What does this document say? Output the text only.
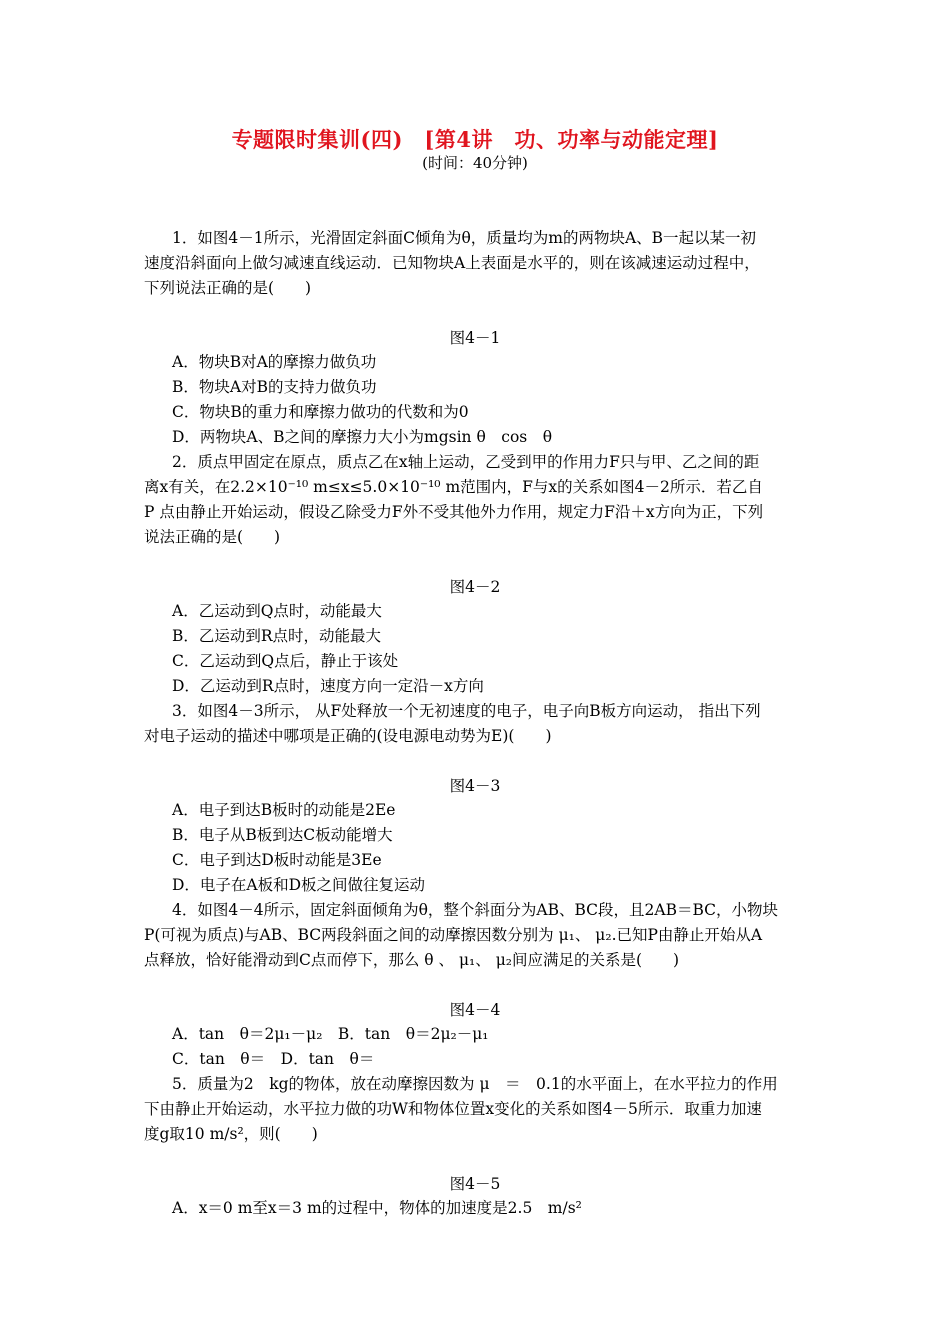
专题限时集训(四)　[第4讲　功、功率与动能定理]
(时间：40分钟)
1．如图4－1所示，光滑固定斜面C倾角为θ，质量均为m的两物块A、B一起以某一初
速度沿斜面向上做匀减速直线运动．已知物块A上表面是水平的，则在该减速运动过程中，
下列说法正确的是(　　)
图4－1
A．物块B对A的摩擦力做负功
B．物块A对B的支持力做负功
C．物块B的重力和摩擦力做功的代数和为0
D．两物块A、B之间的摩擦力大小为mgsin θ　cos　θ
2．质点甲固定在原点，质点乙在x轴上运动，乙受到甲的作用力F只与甲、乙之间的距
离x有关，在2.2×10⁻¹⁰ m≤x≤5.0×10⁻¹⁰ m范围内，F与x的关系如图4－2所示．若乙自
P 点由静止开始运动，假设乙除受力F外不受其他外力作用，规定力F沿＋x方向为正，下列
说法正确的是(　　)
图4－2
A．乙运动到Q点时，动能最大
B．乙运动到R点时，动能最大
C．乙运动到Q点后，静止于该处
D．乙运动到R点时，速度方向一定沿－x方向
3．如图4－3所示， 从F处释放一个无初速度的电子，电子向B板方向运动， 指出下列
对电子运动的描述中哪项是正确的(设电源电动势为E)(　　)
图4－3
A．电子到达B板时的动能是2Ee
B．电子从B板到达C板动能增大
C．电子到达D板时动能是3Ee
D．电子在A板和D板之间做往复运动
4．如图4－4所示，固定斜面倾角为θ，整个斜面分为AB、BC段，且2AB＝BC，小物块
P(可视为质点)与AB、BC两段斜面之间的动摩擦因数分别为 μ₁、 μ₂.已知P由静止开始从A
点释放，恰好能滑动到C点而停下，那么 θ 、 μ₁、 μ₂间应满足的关系是(　　)
图4－4
A．tan　θ＝2μ₁－μ₂　B．tan　θ＝2μ₂－μ₁
C．tan　θ＝　D．tan　θ＝
5．质量为2　kg的物体，放在动摩擦因数为 μ　＝　0.1的水平面上，在水平拉力的作用
下由静止开始运动，水平拉力做的功W和物体位置x变化的关系如图4－5所示．取重力加速
度g取10 m/s²，则(　　)
图4－5
A．x＝0 m至x＝3 m的过程中，物体的加速度是2.5　m/s²
